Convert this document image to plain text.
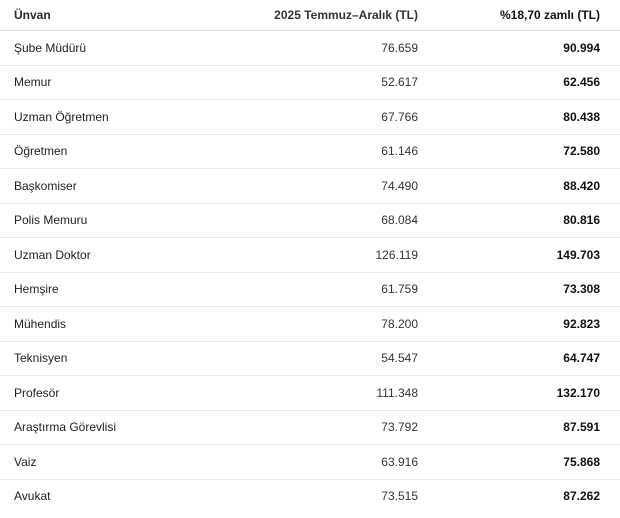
Ünvan	2025 Temmuz–Aralık (TL)	%18,70 zamlı (TL)
Şube Müdürü	76.659	90.994
Memur	52.617	62.456
Uzman Öğretmen	67.766	80.438
Öğretmen	61.146	72.580
Başkomiser	74.490	88.420
Polis Memuru	68.084	80.816
Uzman Doktor	126.119	149.703
Hemşire	61.759	73.308
Mühendis	78.200	92.823
Teknisyen	54.547	64.747
Profesör	111.348	132.170
Araştırma Görevlisi	73.792	87.591
Vaiz	63.916	75.868
Avukat	73.515	87.262
